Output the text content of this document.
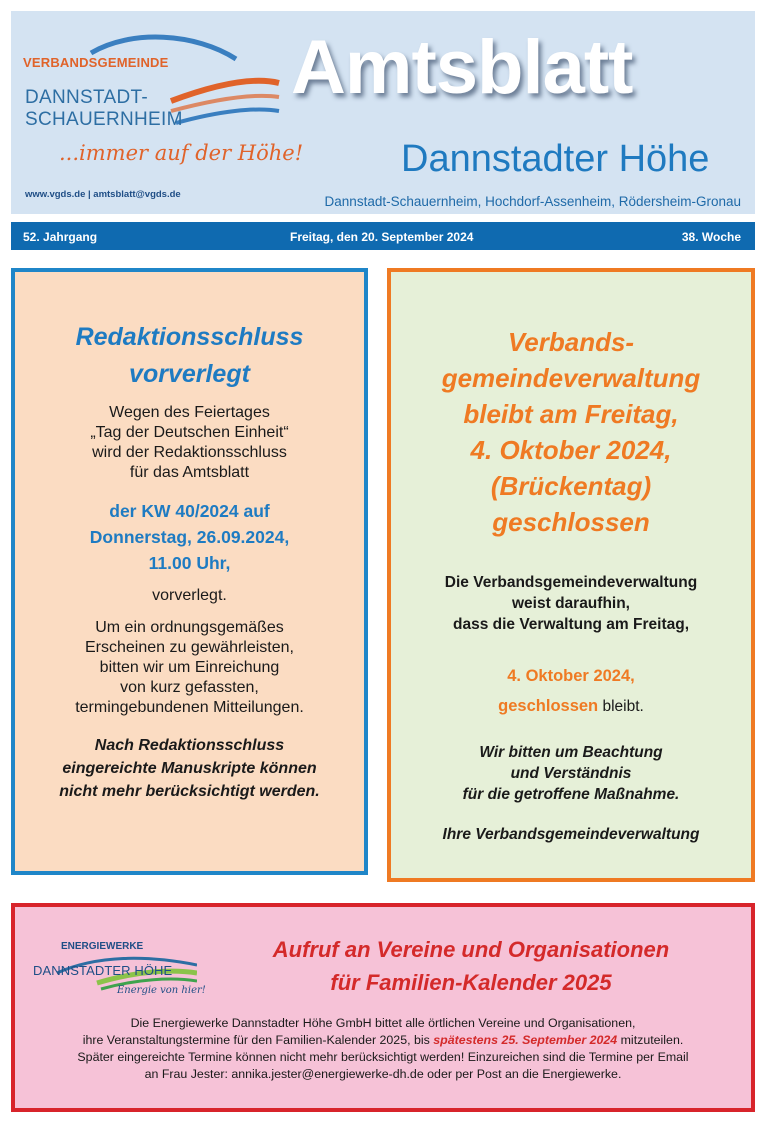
VERBANDSGEMEINDE
DANNSTADT-
SCHAUERNHEIM
...immer auf der Höhe!
www.vgds.de | amtsblatt@vgds.de
Amtsblatt
Dannstadter Höhe
Dannstadt-Schauernheim, Hochdorf-Assenheim, Rödersheim-Gronau
52. Jahrgang	Freitag, den 20. September 2024	38. Woche
Redaktionsschluss
vorverlegt
Wegen des Feiertages
„Tag der Deutschen Einheit“
wird der Redaktionsschluss
für das Amtsblatt
der KW 40/2024 auf
Donnerstag, 26.09.2024,
11.00 Uhr,
vorverlegt.
Um ein ordnungsgemäßes
Erscheinen zu gewährleisten,
bitten wir um Einreichung
von kurz gefassten,
termingebundenen Mitteilungen.
Nach Redaktionsschluss
eingereichte Manuskripte können
nicht mehr berücksichtigt werden.
Verbands-
gemeindeverwaltung
bleibt am Freitag,
4. Oktober 2024,
(Brückentag)
geschlossen
Die Verbandsgemeindeverwaltung
weist daraufhin,
dass die Verwaltung am Freitag,
4. Oktober 2024,
geschlossen bleibt.
Wir bitten um Beachtung
und Verständnis
für die getroffene Maßnahme.
Ihre Verbandsgemeindeverwaltung
ENERGIEWERKE
DANNSTADTER HÖHE
Energie von hier!
Aufruf an Vereine und Organisationen
für Familien-Kalender 2025
Die Energiewerke Dannstadter Höhe GmbH bittet alle örtlichen Vereine und Organisationen,
ihre Veranstaltungstermine für den Familien-Kalender 2025, bis spätestens 25. September 2024 mitzuteilen.
Später eingereichte Termine können nicht mehr berücksichtigt werden! Einzureichen sind die Termine per Email
an Frau Jester: annika.jester@energiewerke-dh.de oder per Post an die Energiewerke.
